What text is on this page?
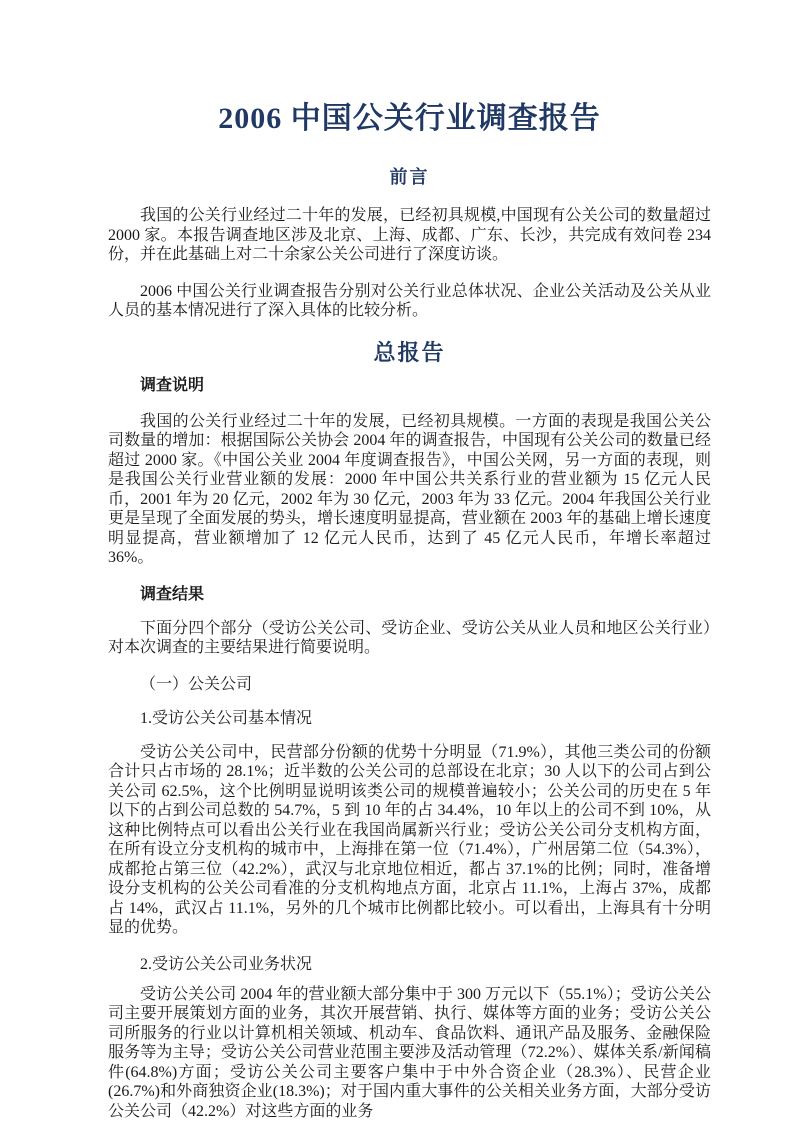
2006 中国公关行业调查报告
前言

我国的公关行业经过二十年的发展，已经初具规模,中国现有公关公司的数量超过 2000 家。本报告调查地区涉及北京、上海、成都、广东、长沙，共完成有效问卷 234 份，并在此基础上对二十余家公关公司进行了深度访谈。

2006 中国公关行业调查报告分别对公关行业总体状况、企业公关活动及公关从业人员的基本情况进行了深入具体的比较分析。

总报告
调查说明

我国的公关行业经过二十年的发展，已经初具规模。一方面的表现是我国公关公司数量的增加：根据国际公关协会 2004 年的调查报告，中国现有公关公司的数量已经超过 2000 家。《中国公关业 2004 年度调查报告》，中国公关网，另一方面的表现，则是我国公关行业营业额的发展：2000 年中国公共关系行业的营业额为 15 亿元人民币，2001 年为 20 亿元，2002 年为 30 亿元，2003 年为 33 亿元。2004 年我国公关行业更是呈现了全面发展的势头，增长速度明显提高，营业额在 2003 年的基础上增长速度明显提高，营业额增加了 12 亿元人民币，达到了 45 亿元人民币，年增长率超过 36%。

调查结果

下面分四个部分（受访公关公司、受访企业、受访公关从业人员和地区公关行业）对本次调查的主要结果进行简要说明。

（一）公关公司
1.受访公关公司基本情况

受访公关公司中，民营部分份额的优势十分明显（71.9%），其他三类公司的份额合计只占市场的 28.1%；近半数的公关公司的总部设在北京；30 人以下的公司占到公关公司 62.5%，这个比例明显说明该类公司的规模普遍较小；公关公司的历史在 5 年以下的占到公司总数的 54.7%，5 到 10 年的占 34.4%，10 年以上的公司不到 10%，从这种比例特点可以看出公关行业在我国尚属新兴行业；受访公关公司分支机构方面，在所有设立分支机构的城市中，上海排在第一位（71.4%），广州居第二位（54.3%），成都抢占第三位（42.2%），武汉与北京地位相近，都占 37.1%的比例；同时，准备增设分支机构的公关公司看准的分支机构地点方面，北京占 11.1%，上海占 37%，成都占 14%，武汉占 11.1%，另外的几个城市比例都比较小。可以看出，上海具有十分明显的优势。

2.受访公关公司业务状况

受访公关公司 2004 年的营业额大部分集中于 300 万元以下（55.1%）；受访公关公司主要开展策划方面的业务，其次开展营销、执行、媒体等方面的业务；受访公关公司所服务的行业以计算机相关领域、机动车、食品饮料、通讯产品及服务、金融保险服务等为主导；受访公关公司营业范围主要涉及活动管理（72.2%）、媒体关系/新闻稿件(64.8%)方面；受访公关公司主要客户集中于中外合资企业（28.3%）、民营企业(26.7%)和外商独资企业(18.3%)；对于国内重大事件的公关相关业务方面，大部分受访公关公司（42.2%）对这些方面的业务
